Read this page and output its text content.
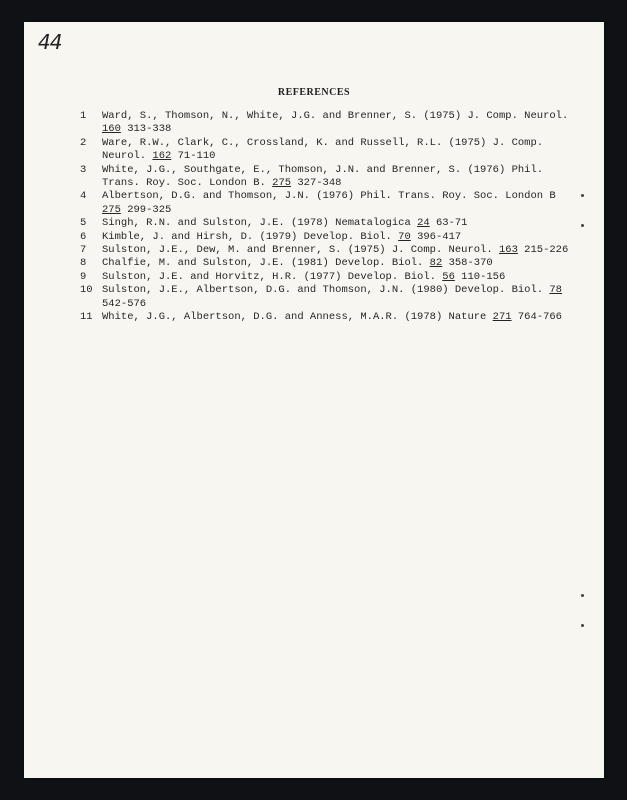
44
REFERENCES
1	Ward, S., Thomson, N., White, J.G. and Brenner, S. (1975) J. Comp. Neurol. 160 313-338
2	Ware, R.W., Clark, C., Crossland, K. and Russell, R.L. (1975) J. Comp. Neurol. 162 71-110
3	White, J.G., Southgate, E., Thomson, J.N. and Brenner, S. (1976) Phil. Trans. Roy. Soc. London B. 275 327-348
4	Albertson, D.G. and Thomson, J.N. (1976) Phil. Trans. Roy. Soc. London B 275 299-325
5	Singh, R.N. and Sulston, J.E. (1978) Nematalogica 24 63-71
6	Kimble, J. and Hirsh, D. (1979) Develop. Biol. 70 396-417
7	Sulston, J.E., Dew, M. and Brenner, S. (1975) J. Comp. Neurol. 163 215-226
8	Chalfie, M. and Sulston, J.E. (1981) Develop. Biol. 82 358-370
9	Sulston, J.E. and Horvitz, H.R. (1977) Develop. Biol. 56 110-156
10 Sulston, J.E., Albertson, D.G. and Thomson, J.N. (1980) Develop. Biol. 78 542-576
11 White, J.G., Albertson, D.G. and Anness, M.A.R. (1978) Nature 271 764-766
